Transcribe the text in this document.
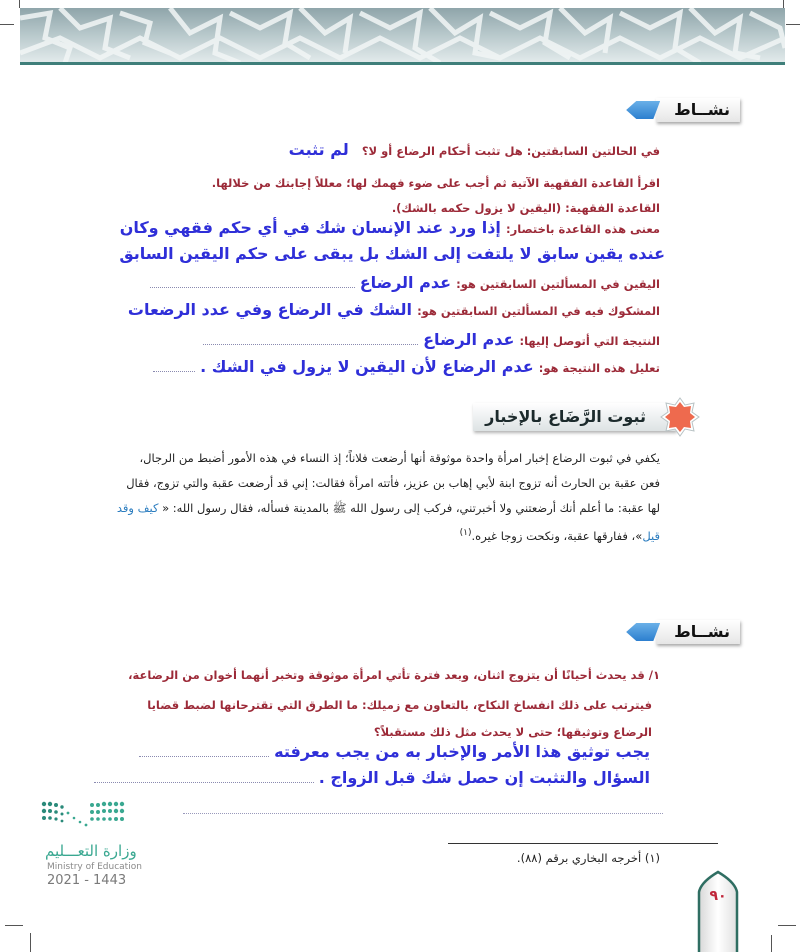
نشــاط
في الحالتين السابقتين: هل تثبت أحكام الرضاع أو لا؟ لم تثبت
اقرأ القاعدة الفقهية الآتية ثم أجب على ضوء فهمك لها؛ معللاً إجابتك من خلالها.
القاعدة الفقهية: (اليقين لا يزول حكمه بالشك).
معنى هذه القاعدة باختصار: إذا ورد عند الإنسان شك في أي حكم فقهي وكان
عنده يقين سابق لا يلتفت إلى الشك بل يبقى على حكم اليقين السابق
اليقين في المسألتين السابقتين هو: عدم الرضاع
المشكوك فيه في المسألتين السابقتين هو: الشك في الرضاع وفي عدد الرضعات
النتيجة التي أتوصل إليها: عدم الرضاع
تعليل هذه النتيجة هو: عدم الرضاع لأن اليقين لا يزول في الشك .
ثبوت الرَّضَاع بالإخبار
يكفي في ثبوت الرضاع إخبار امرأة واحدة موثوقة أنها أرضعت فلاناً؛ إذ النساء في هذه الأمور أضبط من الرجال،
فعن عقبة بن الحارث أنه تزوج ابنة لأبي إهاب بن عزيز، فأتته امرأة فقالت: إني قد أرضعت عقبة والتي تزوج، فقال
لها عقبة: ما أعلم أنك أرضعتني ولا أخبرتني، فركب إلى رسول الله ﷺ بالمدينة فسأله، فقال رسول الله: « كيف وقد
قيل»، ففارقها عقبة، ونكحت زوجا غيره.$^{(١)}$
نشــاط
١/ قد يحدث أحيانًا أن يتزوج اثنان، وبعد فترة تأتي امرأة موثوقة وتخبر أنهما أخوان من الرضاعة،
فيترتب على ذلك انفساخ النكاح، بالتعاون مع زميلك: ما الطرق التي تقترحانها لضبط قضايا
الرضاع وتوثيقها؛ حتى لا يحدث مثل ذلك مستقبلاً؟
يجب توثيق هذا الأمر والإخبار به من يجب معرفته
السؤال والتثبت إن حصل شك قبل الزواج .
وزارة التعـــليم
Ministry of Education
2021 - 1443
(١) أخرجه البخاري برقم (٨٨).
٩٠
